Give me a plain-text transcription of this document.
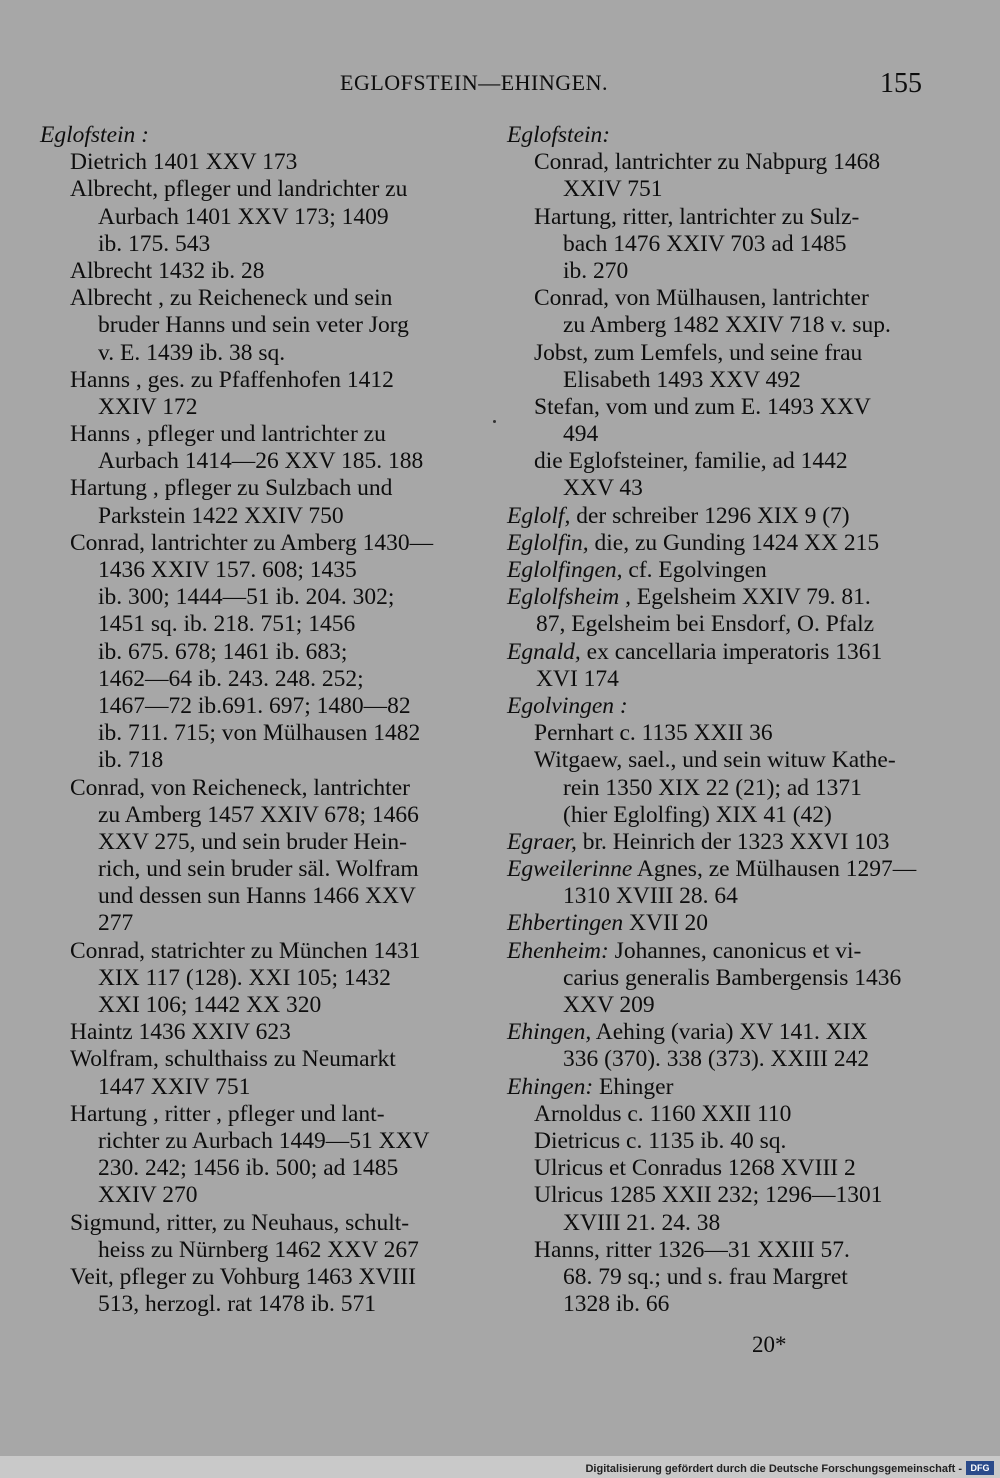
EGLOFSTEIN—EHINGEN.	155
Eglofstein :
Dietrich 1401 XXV 173
Albrecht, pfleger und landrichter zu
Aurbach 1401 XXV 173; 1409
ib. 175. 543
Albrecht 1432 ib. 28
Albrecht , zu Reicheneck und sein
bruder Hanns und sein veter Jorg
v. E. 1439 ib. 38 sq.
Hanns , ges. zu Pfaffenhofen 1412
XXIV 172
Hanns , pfleger und lantrichter zu
Aurbach 1414—26 XXV 185. 188
Hartung , pfleger zu Sulzbach und
Parkstein 1422 XXIV 750
Conrad, lantrichter zu Amberg 1430—
1436 XXIV 157. 608; 1435
ib. 300; 1444—51 ib. 204. 302;
1451 sq. ib. 218. 751; 1456
ib. 675. 678; 1461 ib. 683;
1462—64 ib. 243. 248. 252;
1467—72 ib.691. 697; 1480—82
ib. 711. 715; von Mülhausen 1482
ib. 718
Conrad, von Reicheneck, lantrichter
zu Amberg 1457 XXIV 678; 1466
XXV 275, und sein bruder Hein-
rich, und sein bruder säl. Wolfram
und dessen sun Hanns 1466 XXV
277
Conrad, statrichter zu München 1431
XIX 117 (128). XXI 105; 1432
XXI 106; 1442 XX 320
Haintz 1436 XXIV 623
Wolfram, schulthaiss zu Neumarkt
1447 XXIV 751
Hartung , ritter , pfleger und lant-
richter zu Aurbach 1449—51 XXV
230. 242; 1456 ib. 500; ad 1485
XXIV 270
Sigmund, ritter, zu Neuhaus, schult-
heiss zu Nürnberg 1462 XXV 267
Veit, pfleger zu Vohburg 1463 XVIII
513, herzogl. rat 1478 ib. 571
Eglofstein:
Conrad, lantrichter zu Nabpurg 1468
XXIV 751
Hartung, ritter, lantrichter zu Sulz-
bach 1476 XXIV 703 ad 1485
ib. 270
Conrad, von Mülhausen, lantrichter
zu Amberg 1482 XXIV 718 v. sup.
Jobst, zum Lemfels, und seine frau
Elisabeth 1493 XXV 492
Stefan, vom und zum E. 1493 XXV
494
die Eglofsteiner, familie, ad 1442
XXV 43
Eglolf, der schreiber 1296 XIX 9 (7)
Eglolfin, die, zu Gunding 1424 XX 215
Eglolfingen, cf. Egolvingen
Eglolfsheim , Egelsheim XXIV 79. 81.
87, Egelsheim bei Ensdorf, O. Pfalz
Egnald, ex cancellaria imperatoris 1361
XVI 174
Egolvingen :
Pernhart c. 1135 XXII 36
Witgaew, sael., und sein wituw Kathe-
rein 1350 XIX 22 (21); ad 1371
(hier Eglolfing) XIX 41 (42)
Egraer, br. Heinrich der 1323 XXVI 103
Egweilerinne Agnes, ze Mülhausen 1297—
1310 XVIII 28. 64
Ehbertingen XVII 20
Ehenheim: Johannes, canonicus et vi-
carius generalis Bambergensis 1436
XXV 209
Ehingen, Aehing (varia) XV 141. XIX
336 (370). 338 (373). XXIII 242
Ehingen: Ehinger
Arnoldus c. 1160 XXII 110
Dietricus c. 1135 ib. 40 sq.
Ulricus et Conradus 1268 XVIII 2
Ulricus 1285 XXII 232; 1296—1301
XVIII 21. 24. 38
Hanns, ritter 1326—31 XXIII 57.
68. 79 sq.; und s. frau Margret
1328 ib. 66
20*
Digitalisierung gefördert durch die Deutsche Forschungsgemeinschaft - DFG
